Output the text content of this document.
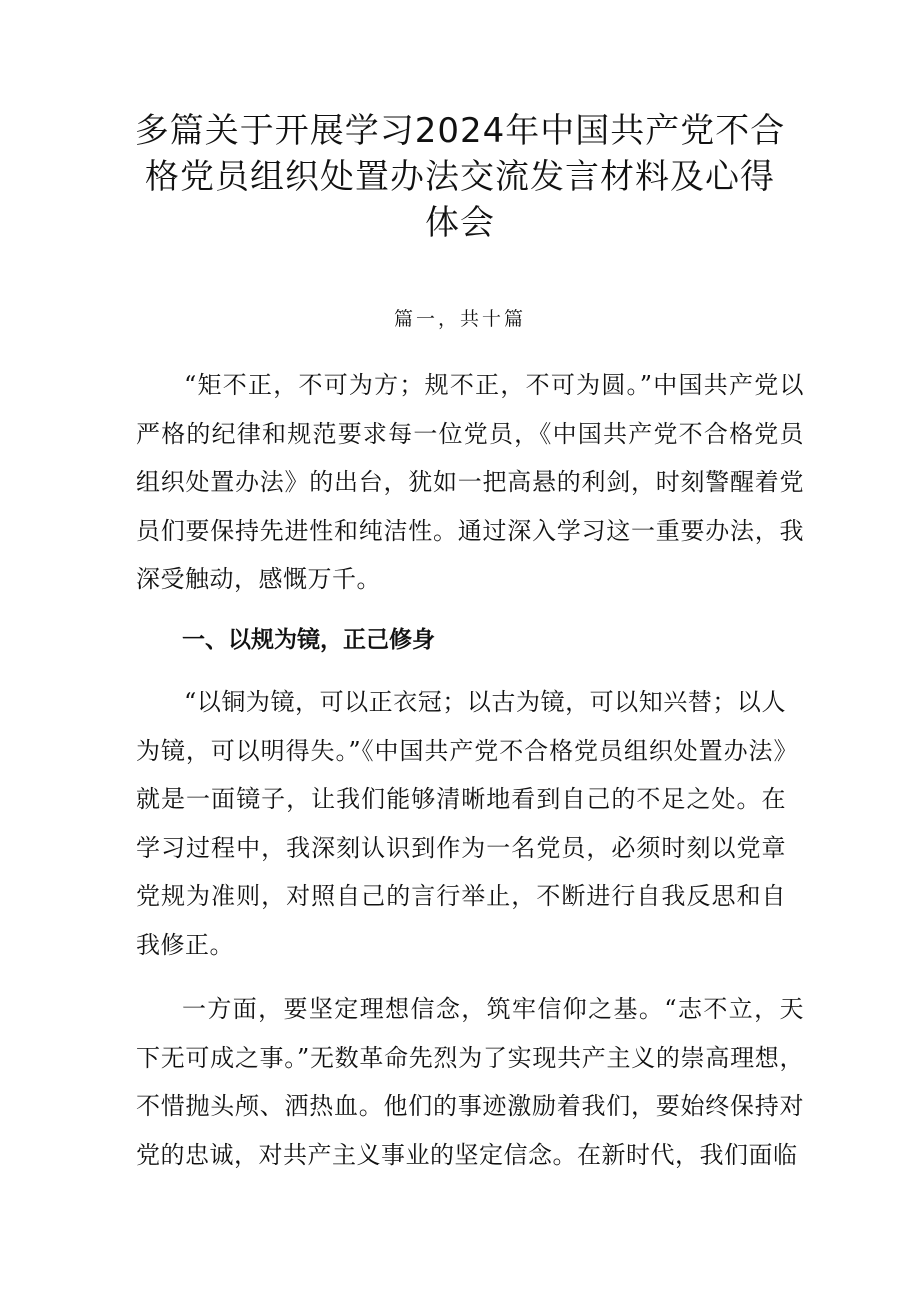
多篇关于开展学习2024年中国共产党不合格党员组织处置办法交流发言材料及心得体会
篇一，共十篇

“矩不正，不可为方；规不正，不可为圆。”中国共产党以严格的纪律和规范要求每一位党员，《中国共产党不合格党员组织处置办法》的出台，犹如一把高悬的利剑，时刻警醒着党员们要保持先进性和纯洁性。通过深入学习这一重要办法，我深受触动，感慨万千。

一、以规为镜，正己修身

“以铜为镜，可以正衣冠；以古为镜，可以知兴替；以人为镜，可以明得失。”《中国共产党不合格党员组织处置办法》就是一面镜子，让我们能够清晰地看到自己的不足之处。在学习过程中，我深刻认识到作为一名党员，必须时刻以党章党规为准则，对照自己的言行举止，不断进行自我反思和自我修正。

一方面，要坚定理想信念，筑牢信仰之基。“志不立，天下无可成之事。”无数革命先烈为了实现共产主义的崇高理想，不惜抛头颅、洒热血。他们的事迹激励着我们，要始终保持对党的忠诚，对共产主义事业的坚定信念。在新时代，我们面临
